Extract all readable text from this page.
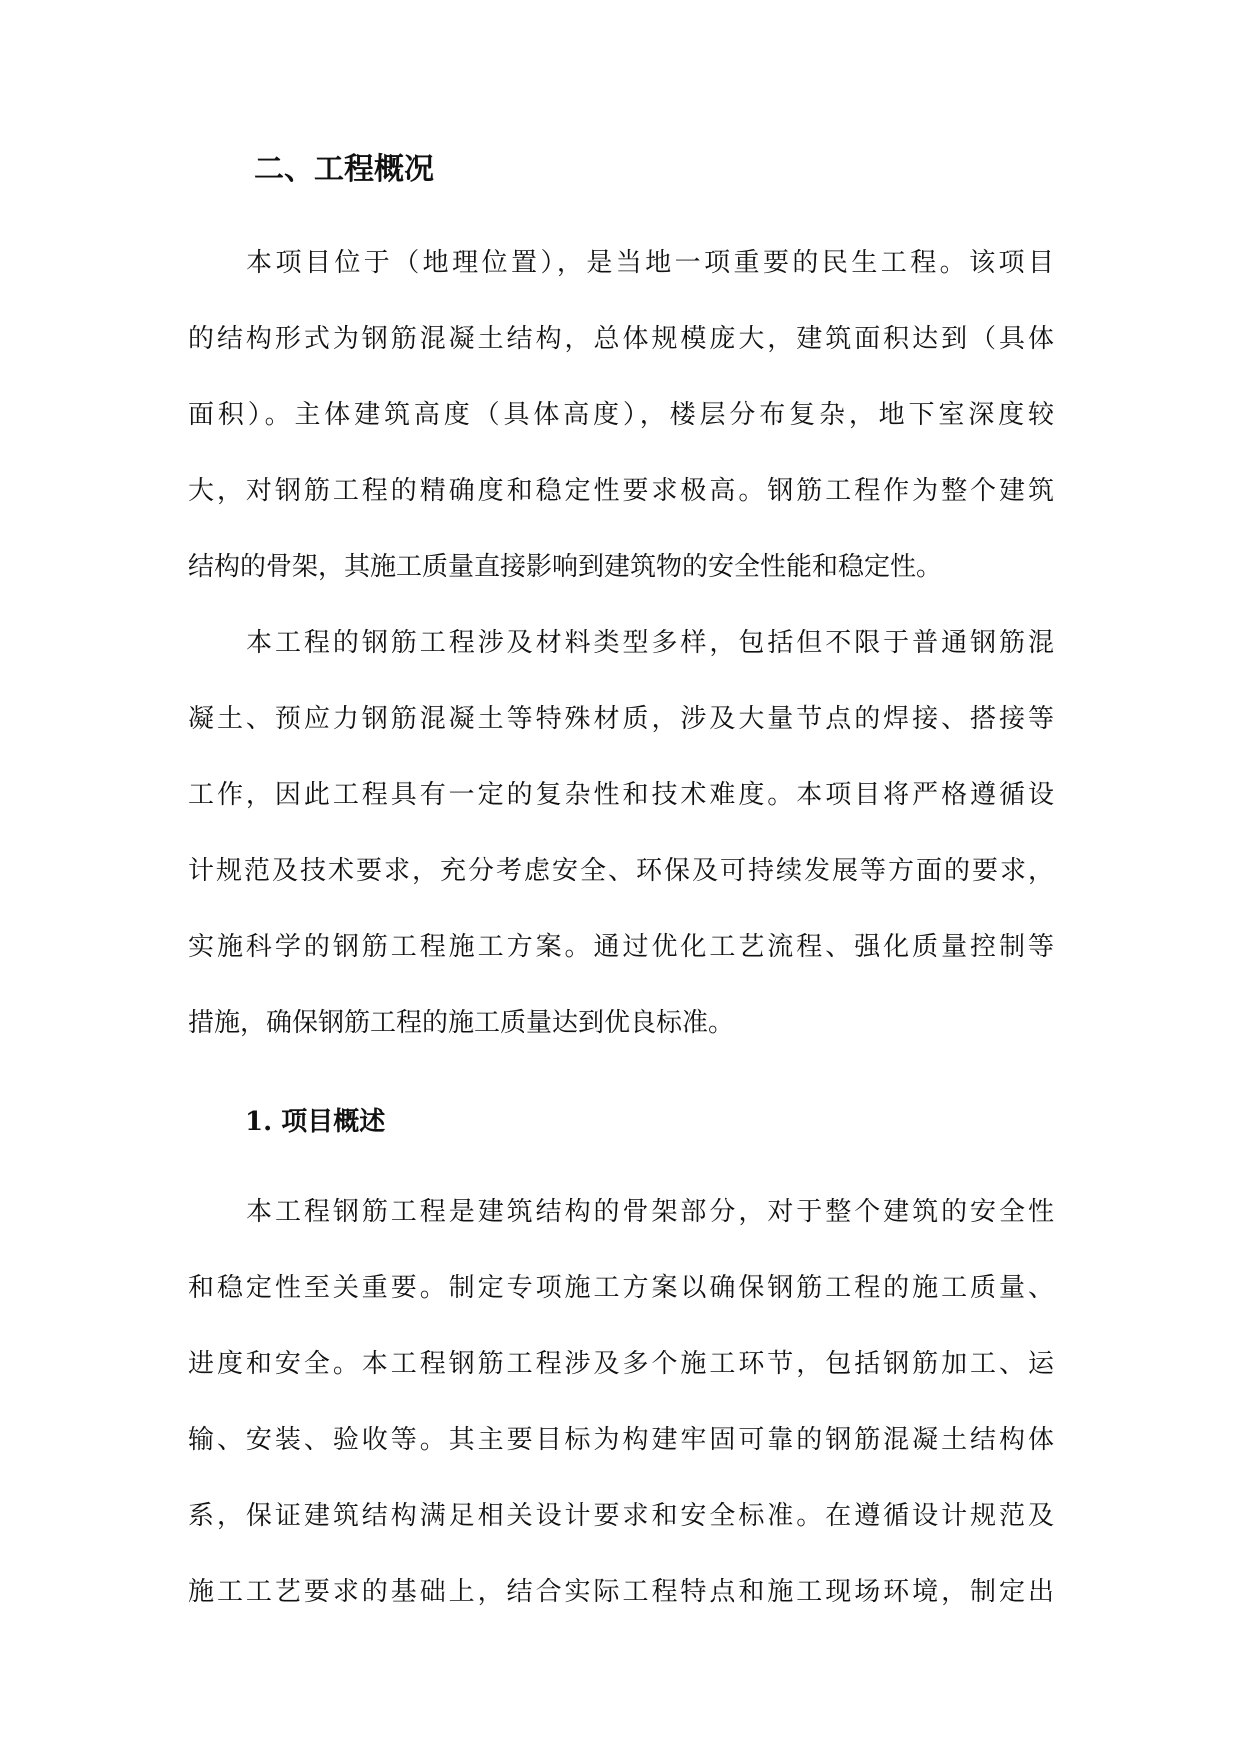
二、工程概况
本项目位于（地理位置），是当地一项重要的民生工程。该项目
的结构形式为钢筋混凝土结构，总体规模庞大，建筑面积达到（具体
面积）。主体建筑高度（具体高度），楼层分布复杂，地下室深度较
大，对钢筋工程的精确度和稳定性要求极高。钢筋工程作为整个建筑
结构的骨架，其施工质量直接影响到建筑物的安全性能和稳定性。
本工程的钢筋工程涉及材料类型多样，包括但不限于普通钢筋混
凝土、预应力钢筋混凝土等特殊材质，涉及大量节点的焊接、搭接等
工作，因此工程具有一定的复杂性和技术难度。本项目将严格遵循设
计规范及技术要求，充分考虑安全、环保及可持续发展等方面的要求，
实施科学的钢筋工程施工方案。通过优化工艺流程、强化质量控制等
措施，确保钢筋工程的施工质量达到优良标准。
1. 项目概述
本工程钢筋工程是建筑结构的骨架部分，对于整个建筑的安全性
和稳定性至关重要。制定专项施工方案以确保钢筋工程的施工质量、
进度和安全。本工程钢筋工程涉及多个施工环节，包括钢筋加工、运
输、安装、验收等。其主要目标为构建牢固可靠的钢筋混凝土结构体
系，保证建筑结构满足相关设计要求和安全标准。在遵循设计规范及
施工工艺要求的基础上，结合实际工程特点和施工现场环境，制定出
